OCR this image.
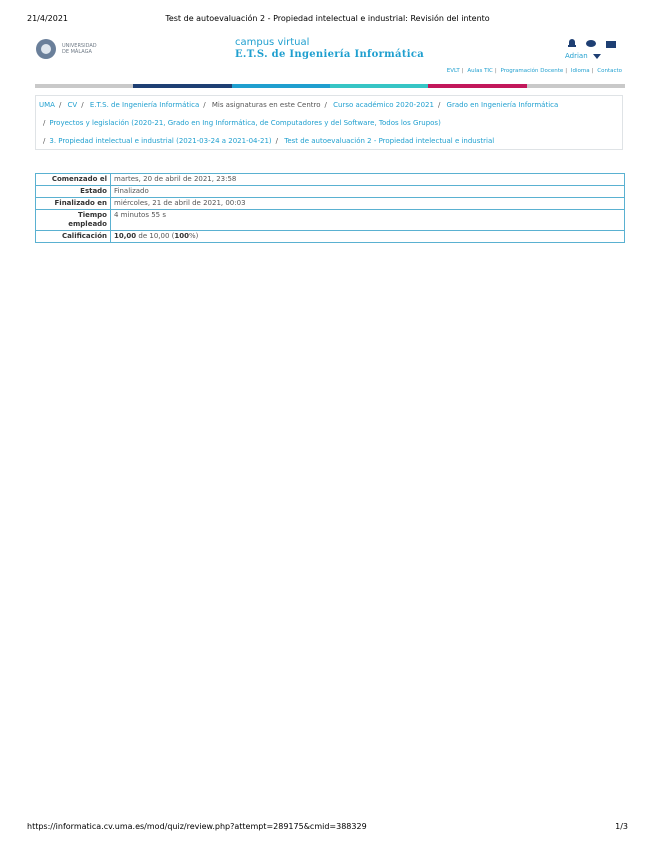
21/4/2021	Test de autoevaluación 2 - Propiedad intelectual e industrial: Revisión del intento
UNIVERSIDAD
DE MÁLAGA
campus virtual
E.T.S. de Ingeniería Informática	Adrian
EVLT | Aulas TIC | Programación Docente | Idioma | Contacto
UMA / CV / E.T.S. de Ingeniería Informática / Mis asignaturas en este Centro / Curso académico 2020-2021 / Grado en Ingeniería Informática
/ Proyectos y legislación (2020-21, Grado en Ing Informática, de Computadores y del Software, Todos los Grupos)
/ 3. Propiedad intelectual e industrial (2021-03-24 a 2021-04-21) / Test de autoevaluación 2 - Propiedad intelectual e industrial
Comenzado el	martes, 20 de abril de 2021, 23:58
Estado	Finalizado
Finalizado en	miércoles, 21 de abril de 2021, 00:03
Tiempo empleado	4 minutos 55 s
Calificación	10,00 de 10,00 (100%)
https://informatica.cv.uma.es/mod/quiz/review.php?attempt=289175&cmid=388329	1/3
